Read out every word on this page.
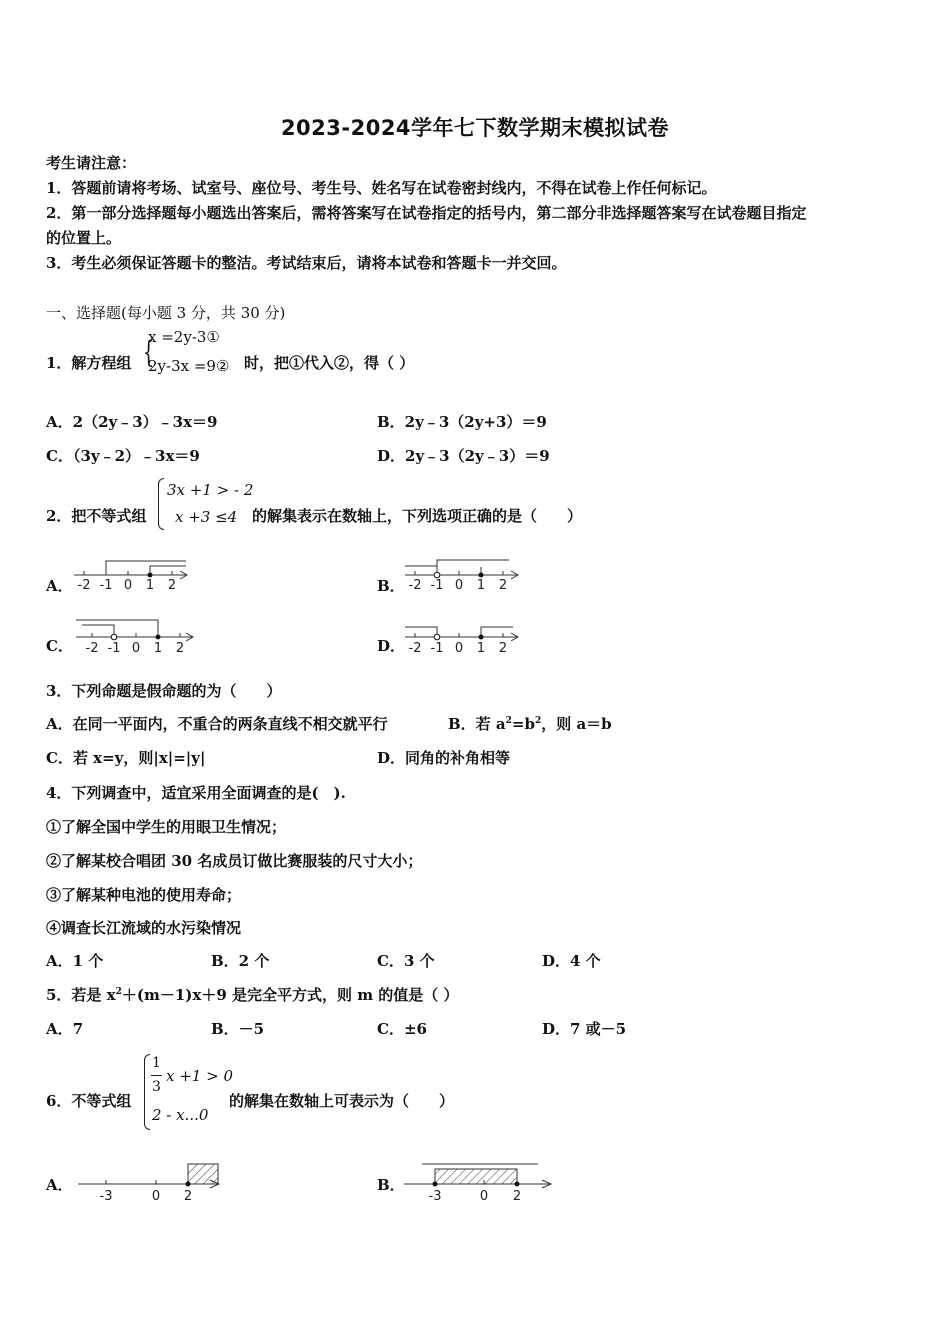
2023-2024学年七下数学期末模拟试卷
考生请注意：
1．答题前请将考场、试室号、座位号、考生号、姓名写在试卷密封线内，不得在试卷上作任何标记。
2．第一部分选择题每小题选出答案后，需将答案写在试卷指定的括号内，第二部分非选择题答案写在试卷题目指定
的位置上。
3．考生必须保证答题卡的整洁。考试结束后，请将本试卷和答题卡一并交回。
一、选择题(每小题 3 分，共 30 分)
1．解方程组 {
x =2y-3①
2y-3x =9② 时，把①代入②，得（ ）
A．2（2y﹣3）﹣3x＝9	B．2y﹣3（2y+3）＝9
C．（3y﹣2）﹣3x＝9	D．2y﹣3（2y﹣3）＝9
2．把不等式组
3x +1 > - 2
x +3 ≤4 的解集表示在数轴上，下列选项正确的是（　　）
A． -2 -1 0 1 2	B． -2 -1 0 1 2
C． -2 -1 0 1 2	D． -2 -1 0 1 2
3．下列命题是假命题的为（　　）
A．在同一平面内，不重合的两条直线不相交就平行	B．若 $a^2=b^2$，则 a＝b
C．若 x=y，则|x|=|y|	D．同角的补角相等
4．下列调查中，适宜采用全面调查的是(　).
①了解全国中学生的用眼卫生情况；
②了解某校合唱团 30 名成员订做比赛服装的尺寸大小；
③了解某种电池的使用寿命；
④调查长江流域的水污染情况
A．1 个	B．2 个	C．3 个	D．4 个
5．若是 $x^2+(m-1)x+9$ 是完全平方式，则 m 的值是（ ）
A．7	B．－5	C．±6	D．7 或－5
6．不等式组
1
3
x +1 > 0
2 - x...0
的解集在数轴上可表示为（　　）
A．
-3	0 2
B．
-3	0 2
